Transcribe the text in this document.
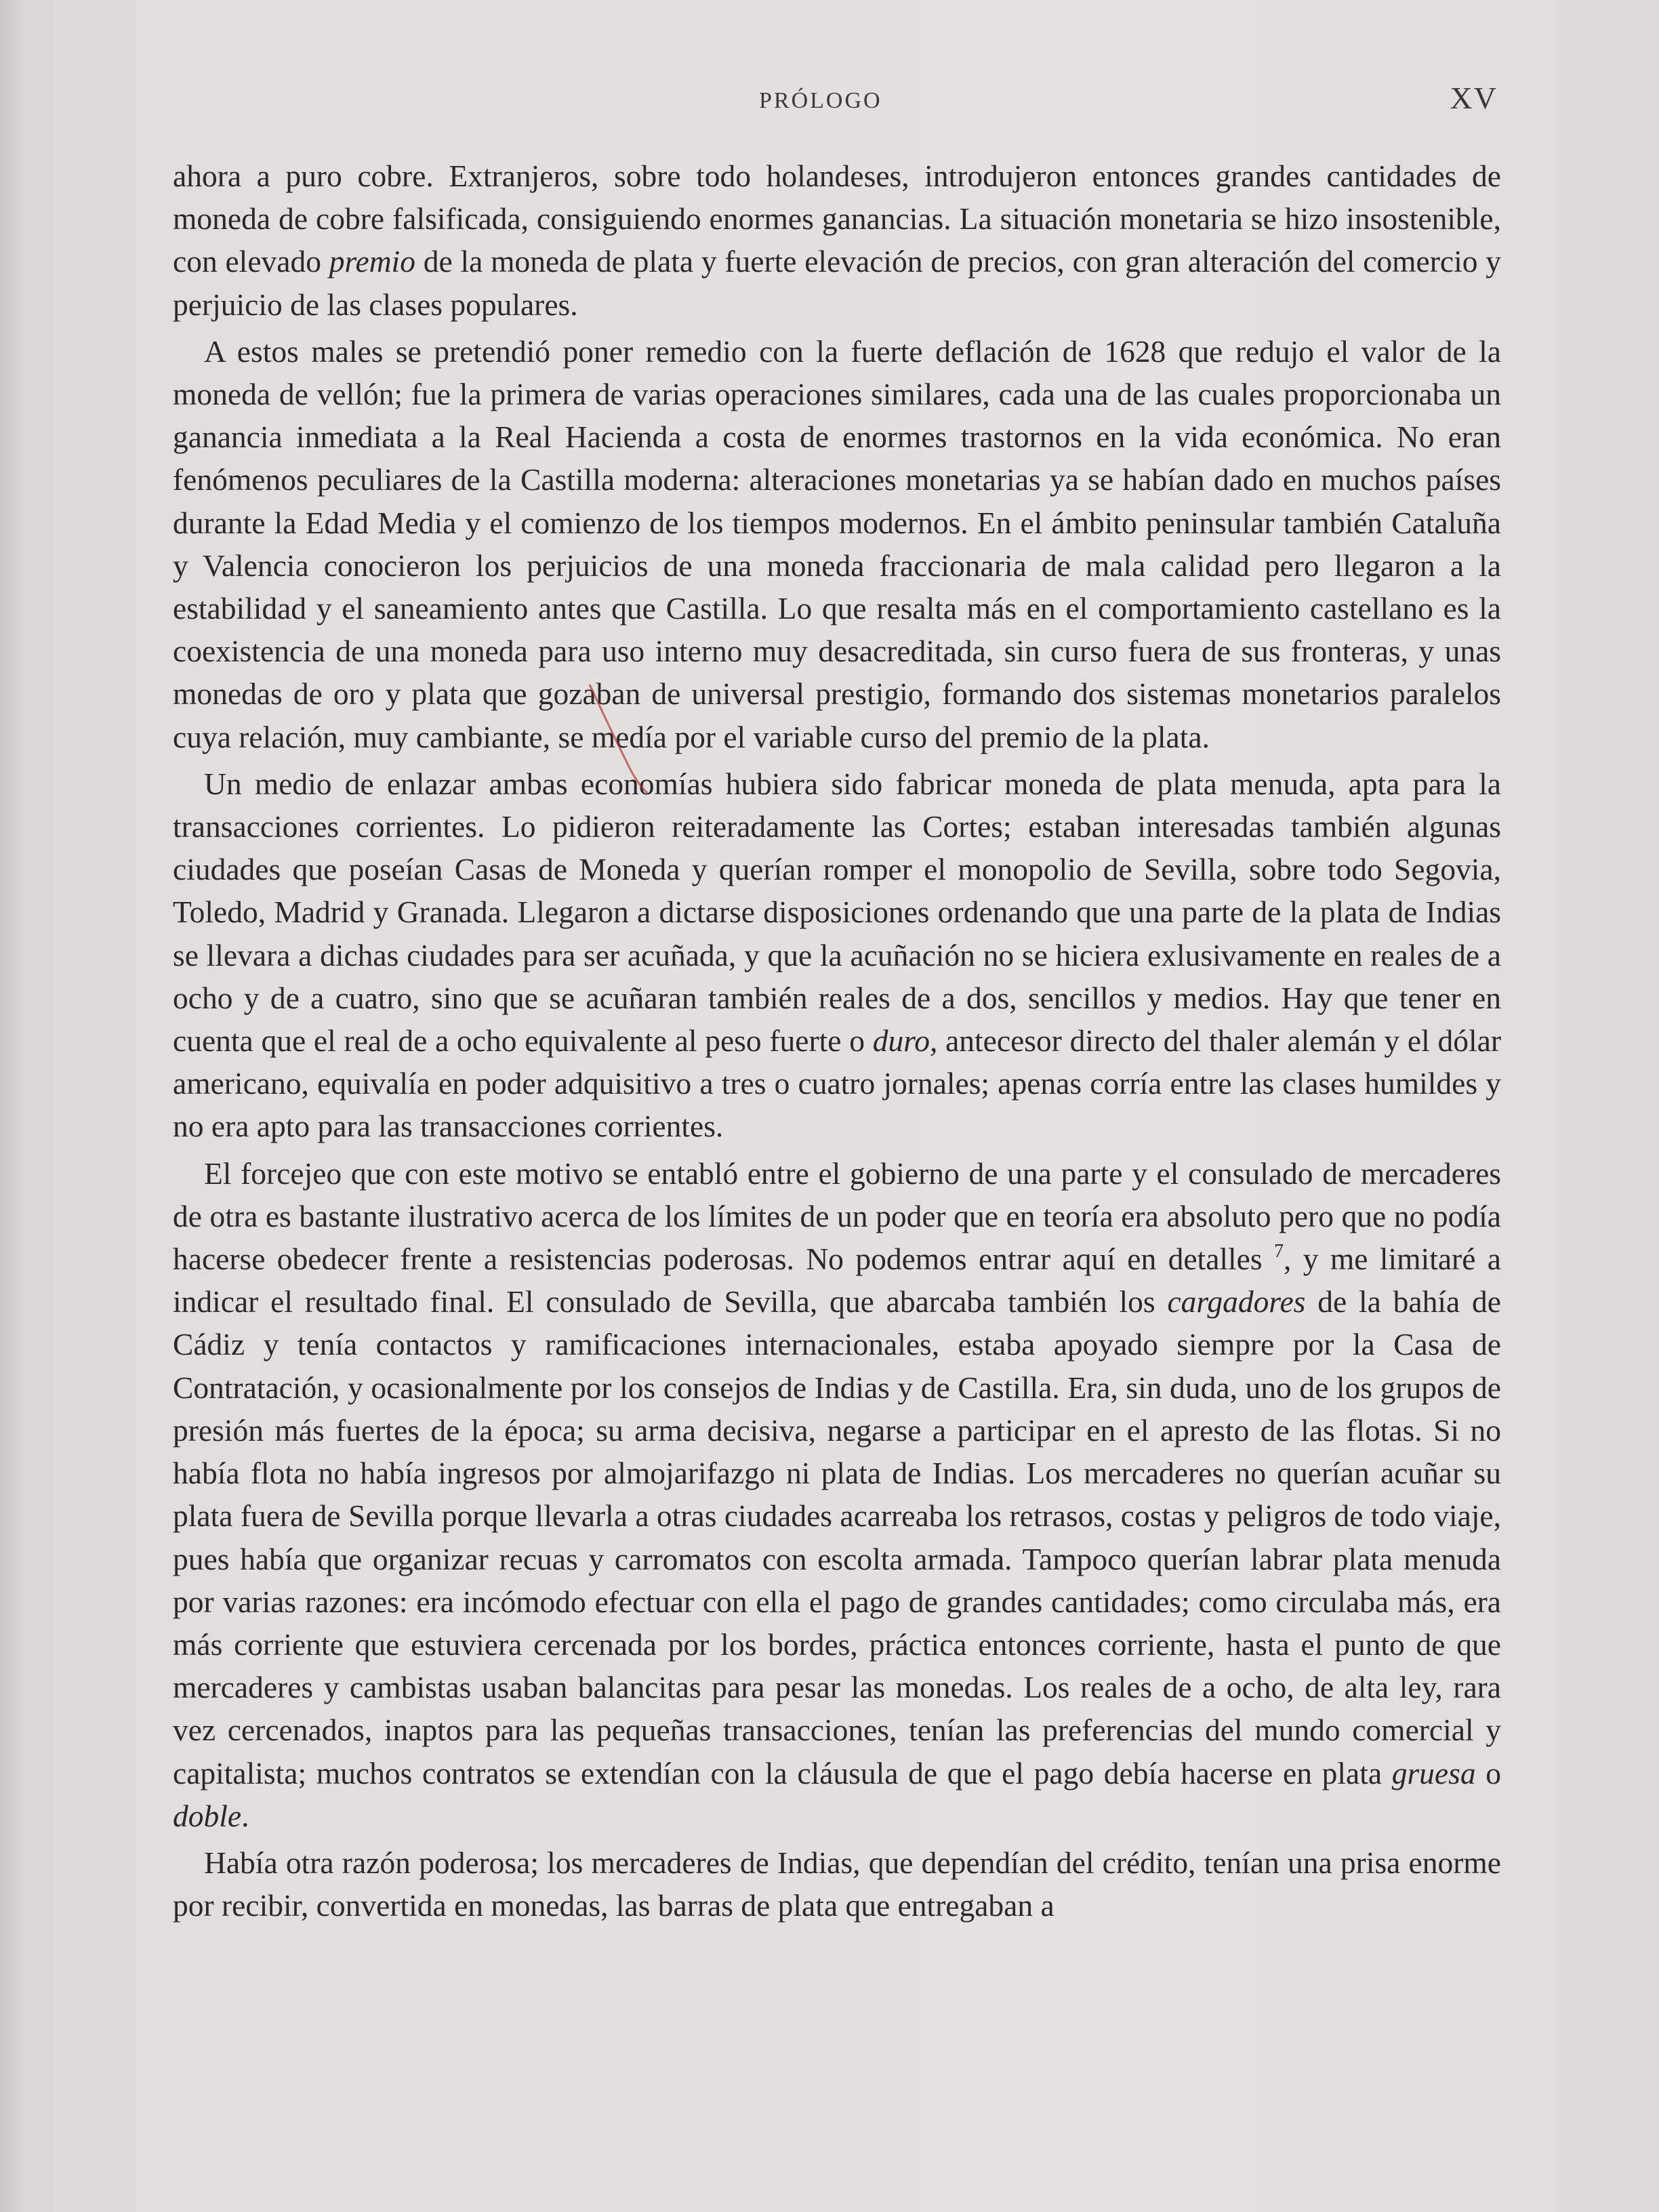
PRÓLOGO	XV

ahora a puro cobre. Extranjeros, sobre todo holandeses, introdujeron entonces grandes cantidades de moneda de cobre falsificada, consiguiendo enormes ganancias. La situación monetaria se hizo insostenible, con elevado premio de la moneda de plata y fuerte elevación de precios, con gran alteración del comercio y perjuicio de las clases populares.

A estos males se pretendió poner remedio con la fuerte deflación de 1628 que redujo el valor de la moneda de vellón; fue la primera de varias operaciones similares, cada una de las cuales proporcionaba un ganancia inmediata a la Real Hacienda a costa de enormes trastornos en la vida económica. No eran fenómenos peculiares de la Castilla moderna: alteraciones monetarias ya se habían dado en muchos países durante la Edad Media y el comienzo de los tiempos modernos. En el ámbito peninsular también Cataluña y Valencia conocieron los perjuicios de una moneda fraccionaria de mala calidad pero llegaron a la estabilidad y el saneamiento antes que Castilla. Lo que resalta más en el comportamiento castellano es la coexistencia de una moneda para uso interno muy desacreditada, sin curso fuera de sus fronteras, y unas monedas de oro y plata que gozaban de universal prestigio, formando dos sistemas monetarios paralelos cuya relación, muy cambiante, se medía por el variable curso del premio de la plata.

Un medio de enlazar ambas economías hubiera sido fabricar moneda de plata menuda, apta para la transacciones corrientes. Lo pidieron reiteradamente las Cortes; estaban interesadas también algunas ciudades que poseían Casas de Moneda y querían romper el monopolio de Sevilla, sobre todo Segovia, Toledo, Madrid y Granada. Llegaron a dictarse disposiciones ordenando que una parte de la plata de Indias se llevara a dichas ciudades para ser acuñada, y que la acuñación no se hiciera exlusivamente en reales de a ocho y de a cuatro, sino que se acuñaran también reales de a dos, sencillos y medios. Hay que tener en cuenta que el real de a ocho equivalente al peso fuerte o duro, antecesor directo del thaler alemán y el dólar americano, equivalía en poder adquisitivo a tres o cuatro jornales; apenas corría entre las clases humildes y no era apto para las transacciones corrientes.

El forcejeo que con este motivo se entabló entre el gobierno de una parte y el consulado de mercaderes de otra es bastante ilustrativo acerca de los límites de un poder que en teoría era absoluto pero que no podía hacerse obedecer frente a resistencias poderosas. No podemos entrar aquí en detalles $^7$, y me limitaré a indicar el resultado final. El consulado de Sevilla, que abarcaba también los cargadores de la bahía de Cádiz y tenía contactos y ramificaciones internacionales, estaba apoyado siempre por la Casa de Contratación, y ocasionalmente por los consejos de Indias y de Castilla. Era, sin duda, uno de los grupos de presión más fuertes de la época; su arma decisiva, negarse a participar en el apresto de las flotas. Si no había flota no había ingresos por almojarifazgo ni plata de Indias. Los mercaderes no querían acuñar su plata fuera de Sevilla porque llevarla a otras ciudades acarreaba los retrasos, costas y peligros de todo viaje, pues había que organizar recuas y carromatos con escolta armada. Tampoco querían labrar plata menuda por varias razones: era incómodo efectuar con ella el pago de grandes cantidades; como circulaba más, era más corriente que estuviera cercenada por los bordes, práctica entonces corriente, hasta el punto de que mercaderes y cambistas usaban balancitas para pesar las monedas. Los reales de a ocho, de alta ley, rara vez cercenados, inaptos para las pequeñas transacciones, tenían las preferencias del mundo comercial y capitalista; muchos contratos se extendían con la cláusula de que el pago debía hacerse en plata gruesa o doble.

Había otra razón poderosa; los mercaderes de Indias, que dependían del crédito, tenían una prisa enorme por recibir, convertida en monedas, las barras de plata que entregaban a
